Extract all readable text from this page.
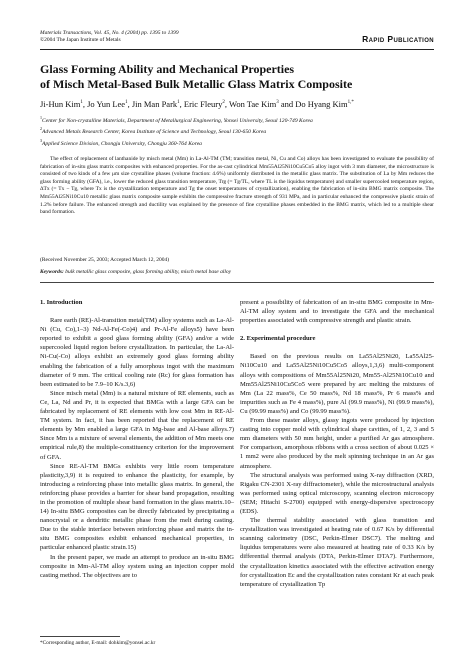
Materials Transactions, Vol. 45, No. 4 (2004) pp. 1395 to 1399
©2004 The Japan Institute of Metals	Rapid Publication
Glass Forming Ability and Mechanical Properties
of Misch Metal-Based Bulk Metallic Glass Matrix Composite
Ji-Hun Kim$^1$, Jo Yun Lee$^1$, Jin Man Park$^1$, Eric Fleury$^2$, Won Tae Kim$^3$ and Do Hyang Kim$^{1,*}$
$^1$Center for Non-crystalline Materials, Department of Metallurgical Engineering, Yonsei University, Seoul 120-749 Korea
$^2$Advanced Metals Research Center, Korea Institute of Science and Technology, Seoul 130-650 Korea
$^3$Applied Science Division, Chongju University, Chongju 360-764 Korea
The effect of replacement of lanthanide by misch metal (Mm) in La-Al-TM (TM; transition metal, Ni, Cu and Co) alloys has been investigated to evaluate the possibility of fabrication of in-situ glass matrix composites with enhanced properties. For the as-cast cylindrical Mm55Al25Ni10Cu5Co5 alloy ingot with 3 mm diameter, the microstructure is consisted of two kinds of a few μm size crystalline phases (volume fraction: 4.6%) uniformly distributed in the metallic glass matrix. The substitution of La by Mm reduces the glass forming ability (GFA), i.e., lower the reduced glass transition temperature, Trg (= Tg/TL, where TL is the liquidus temperature) and smaller supercooled temperature region, ΔTx (= Tx − Tg, where Tx is the crystallization temperature and Tg the onset temperatures of crystallization), enabling the fabrication of in-situ BMG matrix composite. The Mm55Al25Ni10Cu10 metallic glass matrix composite sample exhibits the compressive fracture strength of 931 MPa, and in particular enhanced the compressive plastic strain of 1.2% before failure. The enhanced strength and ductility was explained by the presence of fine crystalline phases embedded in the BMG matrix, which led to a multiple shear band formation.
(Received November 25, 2003; Accepted March 12, 2004)
Keywords: bulk metallic glass composite, glass forming ability, misch metal base alloy
1. Introduction

Rare earth (RE)-Al-transition metal(TM) alloy systems such as La-Al-Ni (Cu, Co),1–3) Nd-Al-Fe(-Co)4) and Pr-Al-Fe alloys5) have been reported to exhibit a good glass forming ability (GFA) and/or a wide supercooled liquid region before crystallization. In particular, the La-Al-Ni-Cu(-Co) alloys exhibit an extremely good glass forming ability enabling the fabrication of a fully amorphous ingot with the maximum diameter of 9 mm. The critical cooling rate (Rc) for glass formation has been estimated to be 7.9–10 K/s.3,6)

Since misch metal (Mm) is a natural mixture of RE elements, such as Ce, La, Nd and Pr, it is expected that BMGs with a large GFA can be fabricated by replacement of RE elements with low cost Mm in RE-Al-TM system. In fact, it has been reported that the replacement of RE elements by Mm enabled a large GFA in Mg-base and Al-base alloys.7) Since Mm is a mixture of several elements, the addition of Mm meets one empirical rule,8) the multiple-constituency criterion for the improvement of GFA.

Since RE-Al-TM BMGs exhibits very little room temperature plasticity,3,9) it is required to enhance the plasticity, for example, by introducing a reinforcing phase into metallic glass matrix. In general, the reinforcing phase provides a barrier for shear band propagation, resulting in the promotion of multiple shear band formation in the glass matrix.10–14) In-situ BMG composites can be directly fabricated by precipitating a nanocrystal or a dendritic metallic phase from the melt during casting. Due to the stable interface between reinforcing phase and matrix the in-situ BMG composites exhibit enhanced mechanical properties, in particular enhanced plastic strain.15)

In the present paper, we made an attempt to produce an in-situ BMG composite in Mm-Al-TM alloy system using an injection copper mold casting method. The objectives are to

present a possibility of fabrication of an in-situ BMG composite in Mm-Al-TM alloy system and to investigate the GFA and the mechanical properties associated with compressive strength and plastic strain.

2. Experimental procedure

Based on the previous results on La55Al25Ni20, La55Al25-Ni10Cu10 and La55Al25Ni10Cu5Co5 alloys,1,3,6) multi-component alloys with compositions of Mm55Al25Ni20, Mm55-Al25Ni10Cu10 and Mm55Al25Ni10Cu5Co5 were prepared by arc melting the mixtures of Mm (La 22 mass%, Ce 50 mass%, Nd 18 mass%, Pr 6 mass% and impurities such as Fe 4 mass%), pure Al (99.9 mass%), Ni (99.9 mass%), Cu (99.99 mass%) and Co (99.99 mass%).

From these master alloys, glassy ingots were produced by injection casting into copper mold with cylindrical shape cavities, of 1, 2, 3 and 5 mm diameters with 50 mm height, under a purified Ar gas atmosphere. For comparison, amorphous ribbons with a cross section of about 0.025 × 1 mm2 were also produced by the melt spinning technique in an Ar gas atmosphere.

The structural analysis was performed using X-ray diffraction (XRD, Rigaku CN-2301 X-ray diffractometer), while the microstructural analysis was performed using optical microscopy, scanning electron microscopy (SEM; Hitachi S-2700) equipped with energy-dispersive spectroscopy (EDS).

The thermal stability associated with glass transition and crystallization was investigated at heating rate of 0.67 K/s by differential scanning calorimetry (DSC, Perkin-Elmer DSC7). The melting and liquidus temperatures were also measured at heating rate of 0.33 K/s by differential thermal analysis (DTA, Perkin-Elmer DTA7). Furthermore, the crystallization kinetics associated with the effective activation energy for crystallization Ec and the crystallization rates constant Kr at each peak temperature of crystallization Tp

*Corresponding author, E-mail: dohkim@yonsei.ac.kr
